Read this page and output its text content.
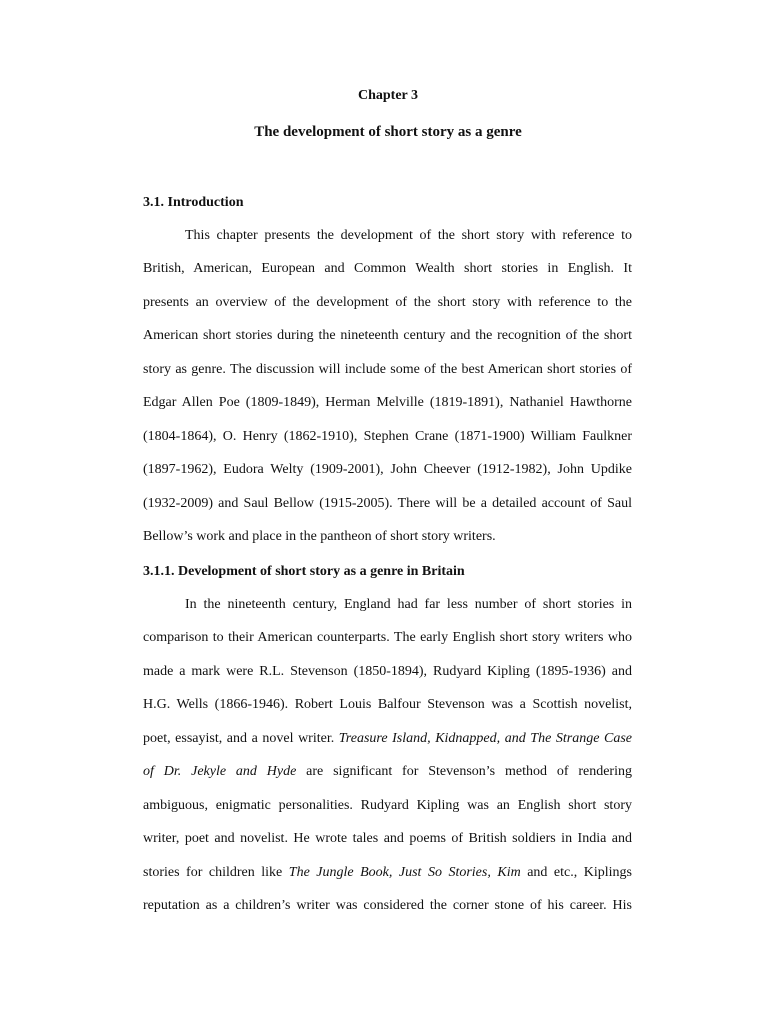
Chapter 3
The development of short story as a genre
3.1. Introduction
This chapter presents the development of the short story with reference to
British, American, European and Common Wealth short stories in English. It
presents an overview of the development of the short story with reference to the
American short stories during the nineteenth century and the recognition of the short
story as genre. The discussion will include some of the best American short stories of
Edgar Allen Poe (1809-1849), Herman Melville (1819-1891), Nathaniel Hawthorne
(1804-1864), O. Henry (1862-1910), Stephen Crane (1871-1900) William Faulkner
(1897-1962), Eudora Welty (1909-2001), John Cheever (1912-1982), John Updike
(1932-2009) and Saul Bellow (1915-2005). There will be a detailed account of Saul
Bellow’s work and place in the pantheon of short story writers.
3.1.1. Development of short story as a genre in Britain
In the nineteenth century, England had far less number of short stories in
comparison to their American counterparts. The early English short story writers who
made a mark were R.L. Stevenson (1850-1894), Rudyard Kipling (1895-1936) and
H.G. Wells (1866-1946). Robert Louis Balfour Stevenson was a Scottish novelist,
poet, essayist, and a novel writer. Treasure Island, Kidnapped, and The Strange Case
of Dr. Jekyle and Hyde are significant for Stevenson’s method of rendering
ambiguous, enigmatic personalities. Rudyard Kipling was an English short story
writer, poet and novelist. He wrote tales and poems of British soldiers in India and
stories for children like The Jungle Book, Just So Stories, Kim and etc., Kiplings
reputation as a children’s writer was considered the corner stone of his career. His
